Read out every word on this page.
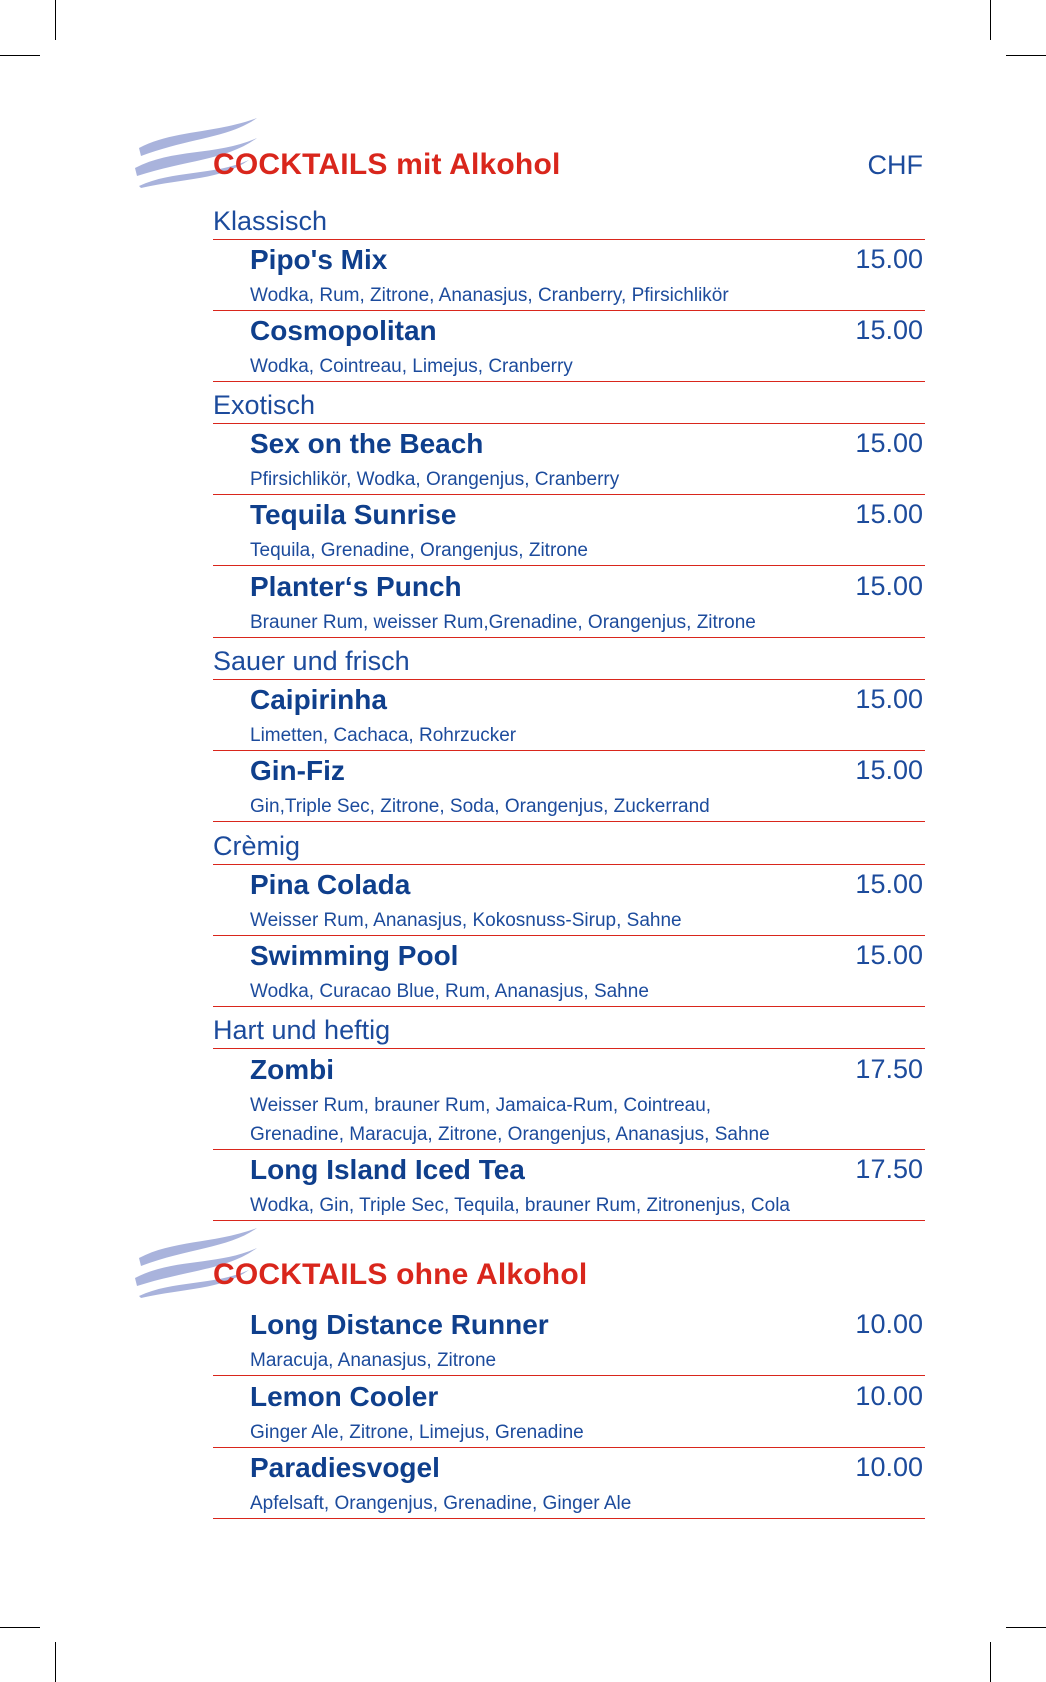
COCKTAILS mit Alkohol	CHF
Klassisch
Pipo's Mix	15.00
Wodka, Rum, Zitrone, Ananasjus, Cranberry, Pfirsichlikör
Cosmopolitan	15.00
Wodka, Cointreau, Limejus, Cranberry
Exotisch
Sex on the Beach	15.00
Pfirsichlikör, Wodka, Orangenjus, Cranberry
Tequila Sunrise	15.00
Tequila, Grenadine, Orangenjus, Zitrone
Planter‘s Punch	15.00
Brauner Rum, weisser Rum,Grenadine, Orangenjus, Zitrone
Sauer und frisch
Caipirinha	15.00
Limetten, Cachaca, Rohrzucker
Gin-Fiz	15.00
Gin,Triple Sec, Zitrone, Soda, Orangenjus, Zuckerrand
Crèmig
Pina Colada	15.00
Weisser Rum, Ananasjus, Kokosnuss-Sirup, Sahne
Swimming Pool	15.00
Wodka, Curacao Blue, Rum, Ananasjus, Sahne
Hart und heftig
Zombi	17.50
Weisser Rum, brauner Rum, Jamaica-Rum, Cointreau, Grenadine, Maracuja, Zitrone, Orangenjus, Ananasjus, Sahne
Long Island Iced Tea	17.50
Wodka, Gin, Triple Sec, Tequila, brauner Rum, Zitronenjus, Cola
COCKTAILS ohne Alkohol
Long Distance Runner	10.00
Maracuja, Ananasjus, Zitrone
Lemon Cooler	10.00
Ginger Ale, Zitrone, Limejus, Grenadine
Paradiesvogel	10.00
Apfelsaft, Orangenjus, Grenadine, Ginger Ale
